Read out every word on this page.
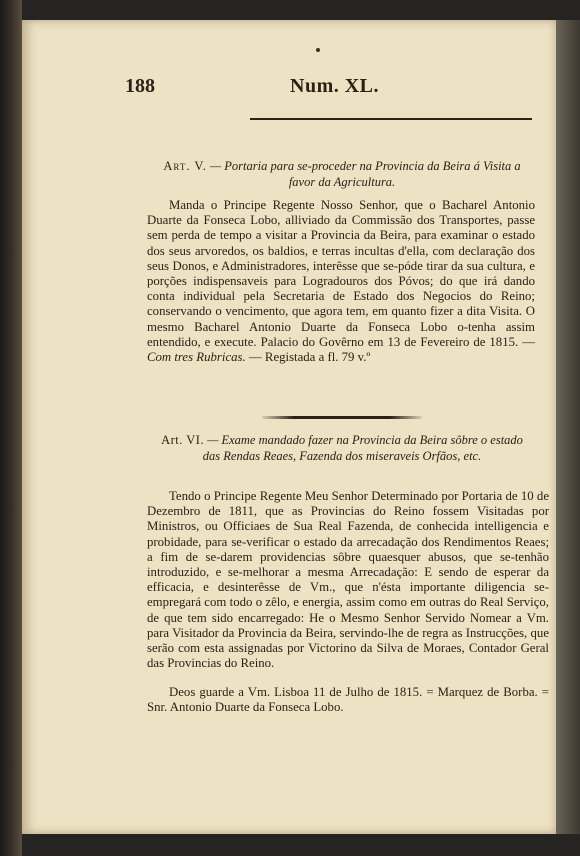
188	Num. XL.
Art. V. — Portaria para se-proceder na Provincia da Beira á Visita a favor da Agricultura.
Manda o Principe Regente Nosso Senhor, que o Bacharel Antonio Duarte da Fonseca Lobo, alliviado da Commissão dos Transportes, passe sem perda de tempo a visitar a Provincia da Beira, para examinar o estado dos seus arvoredos, os baldios, e terras incultas d'ella, com declaração dos seus Donos, e Administradores, interêsse que se-póde tirar da sua cultura, e porções indispensaveis para Logradouros dos Póvos; do que irá dando conta individual pela Secretaria de Estado dos Negocios do Reino; conservando o vencimento, que agora tem, em quanto fizer a dita Visita. O mesmo Bacharel Antonio Duarte da Fonseca Lobo o-tenha assim entendido, e execute. Palacio do Govêrno em 13 de Fevereiro de 1815. — Com tres Rubricas. — Registada a fl. 79 v.º
Art. VI. — Exame mandado fazer na Provincia da Beira sôbre o estado das Rendas Reaes, Fazenda dos miseraveis Orfãos, etc.
Tendo o Principe Regente Meu Senhor Determinado por Portaria de 10 de Dezembro de 1811, que as Provincias do Reino fossem Visitadas por Ministros, ou Officiaes de Sua Real Fazenda, de conhecida intelligencia e probidade, para se-verificar o estado da arrecadação dos Rendimentos Reaes; a fim de se-darem providencias sôbre quaesquer abusos, que se-tenhão introduzido, e se-melhorar a mesma Arrecadação: E sendo de esperar da efficacia, e desinterêsse de Vm., que n'ésta importante diligencia se-empregará com todo o zêlo, e energia, assim como em outras do Real Serviço, de que tem sido encarregado: He o Mesmo Senhor Servido Nomear a Vm. para Visitador da Provincia da Beira, servindo-lhe de regra as Instrucções, que serão com esta assignadas por Victorino da Silva de Moraes, Contador Geral das Provincias do Reino.
Deos guarde a Vm. Lisboa 11 de Julho de 1815. = Marquez de Borba. = Snr. Antonio Duarte da Fonseca Lobo.
